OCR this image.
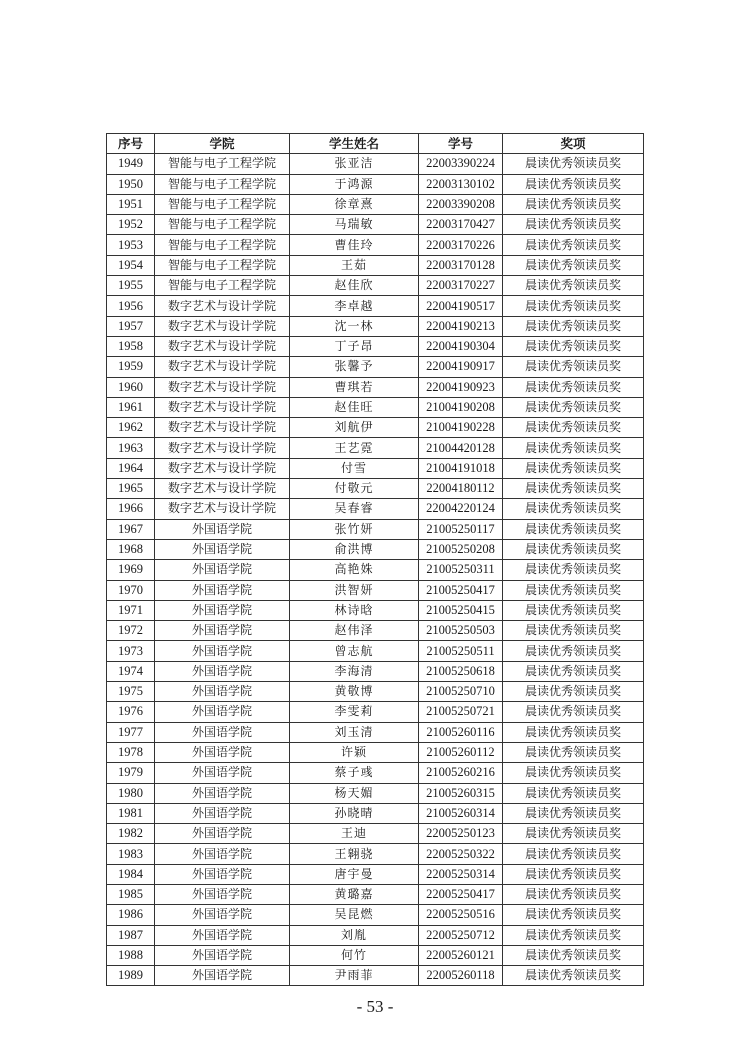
序号	学院	学生姓名	学号	奖项
1949	智能与电子工程学院	张亚洁	22003390224	晨读优秀领读员奖
1950	智能与电子工程学院	于鸿源	22003130102	晨读优秀领读员奖
1951	智能与电子工程学院	徐章熹	22003390208	晨读优秀领读员奖
1952	智能与电子工程学院	马瑞敏	22003170427	晨读优秀领读员奖
1953	智能与电子工程学院	曹佳玲	22003170226	晨读优秀领读员奖
1954	智能与电子工程学院	王茹	22003170128	晨读优秀领读员奖
1955	智能与电子工程学院	赵佳欣	22003170227	晨读优秀领读员奖
1956	数字艺术与设计学院	李卓越	22004190517	晨读优秀领读员奖
1957	数字艺术与设计学院	沈一林	22004190213	晨读优秀领读员奖
1958	数字艺术与设计学院	丁子昂	22004190304	晨读优秀领读员奖
1959	数字艺术与设计学院	张馨予	22004190917	晨读优秀领读员奖
1960	数字艺术与设计学院	曹琪若	22004190923	晨读优秀领读员奖
1961	数字艺术与设计学院	赵佳旺	21004190208	晨读优秀领读员奖
1962	数字艺术与设计学院	刘航伊	21004190228	晨读优秀领读员奖
1963	数字艺术与设计学院	王艺霓	21004420128	晨读优秀领读员奖
1964	数字艺术与设计学院	付雪	21004191018	晨读优秀领读员奖
1965	数字艺术与设计学院	付敬元	22004180112	晨读优秀领读员奖
1966	数字艺术与设计学院	吴春睿	22004220124	晨读优秀领读员奖
1967	外国语学院	张竹妍	21005250117	晨读优秀领读员奖
1968	外国语学院	俞洪博	21005250208	晨读优秀领读员奖
1969	外国语学院	高艳姝	21005250311	晨读优秀领读员奖
1970	外国语学院	洪智妍	21005250417	晨读优秀领读员奖
1971	外国语学院	林诗晗	21005250415	晨读优秀领读员奖
1972	外国语学院	赵伟泽	21005250503	晨读优秀领读员奖
1973	外国语学院	曾志航	21005250511	晨读优秀领读员奖
1974	外国语学院	李海清	21005250618	晨读优秀领读员奖
1975	外国语学院	黄敬博	21005250710	晨读优秀领读员奖
1976	外国语学院	李雯莉	21005250721	晨读优秀领读员奖
1977	外国语学院	刘玉清	21005260116	晨读优秀领读员奖
1978	外国语学院	许颖	21005260112	晨读优秀领读员奖
1979	外国语学院	蔡子彧	21005260216	晨读优秀领读员奖
1980	外国语学院	杨天媚	21005260315	晨读优秀领读员奖
1981	外国语学院	孙晓晴	21005260314	晨读优秀领读员奖
1982	外国语学院	王迪	22005250123	晨读优秀领读员奖
1983	外国语学院	王翱骁	22005250322	晨读优秀领读员奖
1984	外国语学院	唐宇曼	22005250314	晨读优秀领读员奖
1985	外国语学院	黄璐嘉	22005250417	晨读优秀领读员奖
1986	外国语学院	吴昆燃	22005250516	晨读优秀领读员奖
1987	外国语学院	刘胤	22005250712	晨读优秀领读员奖
1988	外国语学院	何竹	22005260121	晨读优秀领读员奖
1989	外国语学院	尹雨菲	22005260118	晨读优秀领读员奖
- 53 -
